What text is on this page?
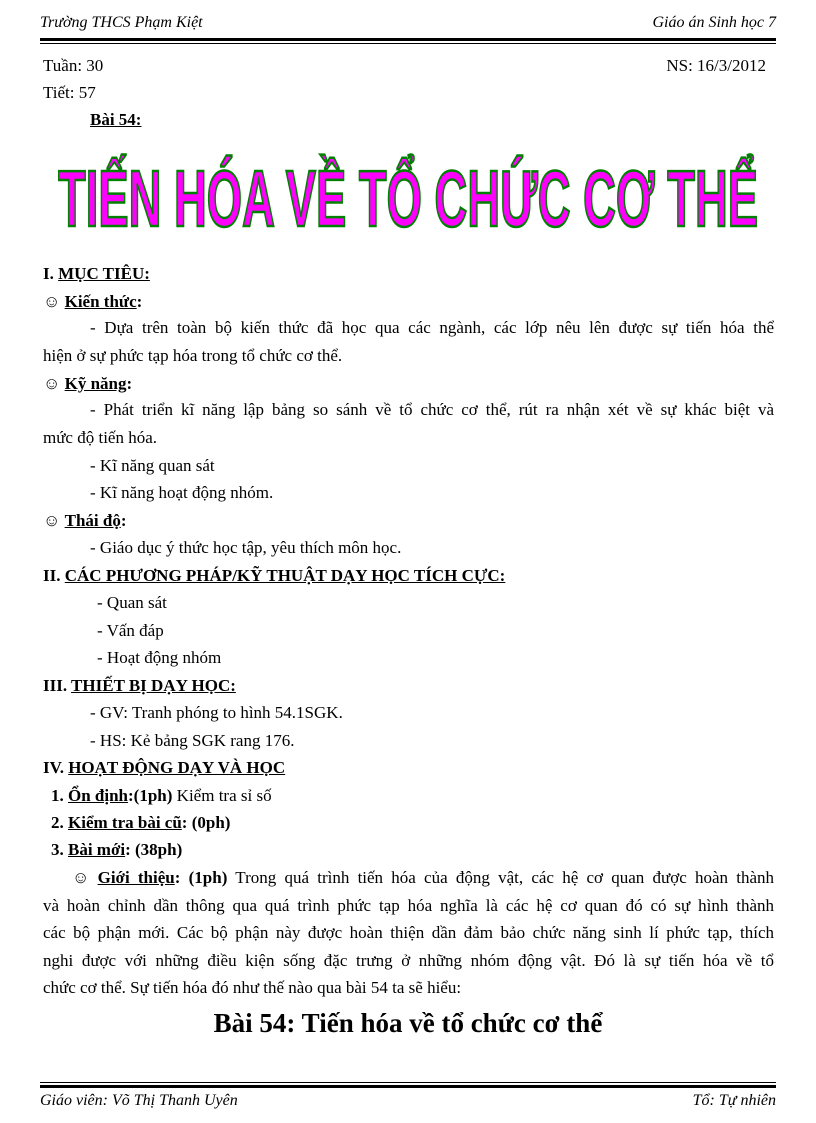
Trường THCS Phạm Kiệt	Giáo án Sinh học 7
Tuần: 30	NS: 16/3/2012
Tiết: 57
Bài 54:
TIẾN HÓA VỀ TỔ CHỨC CƠ THỂ
I. MỤC TIÊU:
☺ Kiến thức:
- Dựa trên toàn bộ kiến thức đã học qua các ngành, các lớp nêu lên được sự tiến hóa thể
hiện ở sự phức tạp hóa trong tổ chức cơ thể.
☺ Kỹ năng:
- Phát triển kĩ năng lập bảng so sánh về tổ chức cơ thể, rút ra nhận xét về sự khác biệt và
mức độ tiến hóa.
- Kĩ năng quan sát
- Kĩ năng hoạt động nhóm.
☺ Thái độ:
- Giáo dục ý thức học tập, yêu thích môn học.
II. CÁC PHƯƠNG PHÁP/KỸ THUẬT DẠY HỌC TÍCH CỰC:
- Quan sát
- Vấn đáp
- Hoạt động nhóm
III. THIẾT BỊ DẠY HỌC:
- GV: Tranh phóng to hình 54.1SGK.
- HS: Kẻ bảng SGK rang 176.
IV. HOẠT ĐỘNG DẠY VÀ HỌC
1. Ổn định:(1ph) Kiểm tra sỉ số
2. Kiểm tra bài cũ: (0ph)
3. Bài mới: (38ph)
☺ Giới thiệu: (1ph) Trong quá trình tiến hóa của động vật, các hệ cơ quan được hoàn thành
và hoàn chỉnh dần thông qua quá trình phức tạp hóa nghĩa là các hệ cơ quan đó có sự hình thành
các bộ phận mới. Các bộ phận này được hoàn thiện dần đảm bảo chức năng sinh lí phức tạp, thích
nghi được với những điều kiện sống đặc trưng ở những nhóm động vật. Đó là sự tiến hóa về tổ
chức cơ thể. Sự tiến hóa đó như thế nào qua bài 54 ta sẽ hiểu:
Bài 54: Tiến hóa về tổ chức cơ thể
Giáo viên: Võ Thị Thanh Uyên	Tổ: Tự nhiên
